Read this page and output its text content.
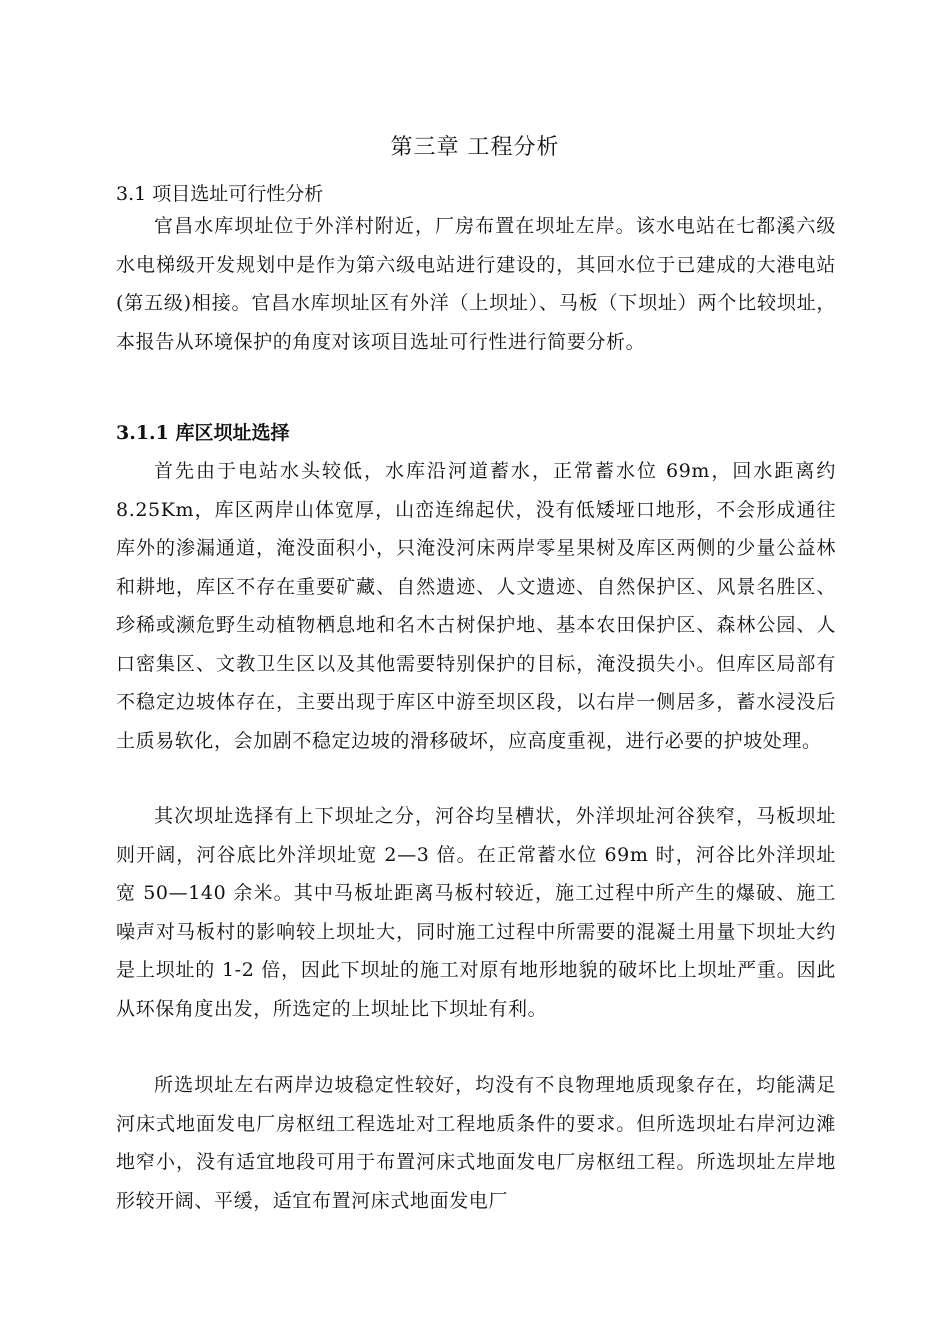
第三章 工程分析
3.1 项目选址可行性分析

官昌水库坝址位于外洋村附近，厂房布置在坝址左岸。该水电站在七都溪六级水电梯级开发规划中是作为第六级电站进行建设的，其回水位于已建成的大港电站(第五级)相接。官昌水库坝址区有外洋（上坝址）、马板（下坝址）两个比较坝址，本报告从环境保护的角度对该项目选址可行性进行简要分析。

3.1.1 库区坝址选择

首先由于电站水头较低，水库沿河道蓄水，正常蓄水位 69m，回水距离约 8.25Km，库区两岸山体宽厚，山峦连绵起伏，没有低矮垭口地形，不会形成通往库外的渗漏通道，淹没面积小，只淹没河床两岸零星果树及库区两侧的少量公益林和耕地，库区不存在重要矿藏、自然遗迹、人文遗迹、自然保护区、风景名胜区、珍稀或濒危野生动植物栖息地和名木古树保护地、基本农田保护区、森林公园、人口密集区、文教卫生区以及其他需要特别保护的目标，淹没损失小。但库区局部有不稳定边坡体存在，主要出现于库区中游至坝区段，以右岸一侧居多，蓄水浸没后土质易软化，会加剧不稳定边坡的滑移破坏，应高度重视，进行必要的护坡处理。

其次坝址选择有上下坝址之分，河谷均呈槽状，外洋坝址河谷狭窄，马板坝址则开阔，河谷底比外洋坝址宽 2—3 倍。在正常蓄水位 69m 时，河谷比外洋坝址宽 50—140 余米。其中马板址距离马板村较近，施工过程中所产生的爆破、施工噪声对马板村的影响较上坝址大，同时施工过程中所需要的混凝土用量下坝址大约是上坝址的 1-2 倍，因此下坝址的施工对原有地形地貌的破坏比上坝址严重。因此从环保角度出发，所选定的上坝址比下坝址有利。

所选坝址左右两岸边坡稳定性较好，均没有不良物理地质现象存在，均能满足河床式地面发电厂房枢纽工程选址对工程地质条件的要求。但所选坝址右岸河边滩地窄小，没有适宜地段可用于布置河床式地面发电厂房枢纽工程。所选坝址左岸地形较开阔、平缓，适宜布置河床式地面发电厂
